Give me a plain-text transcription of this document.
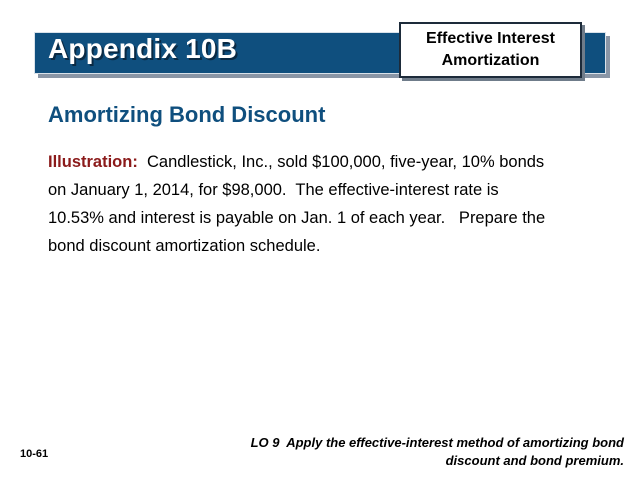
Appendix 10B	Effective Interest
Amortization
Amortizing Bond Discount
Illustration: Candlestick, Inc., sold $100,000, five-year, 10% bonds
on January 1, 2014, for $98,000.  The effective-interest rate is
10.53% and interest is payable on Jan. 1 of each year.   Prepare the
bond discount amortization schedule.
LO 9  Apply the effective-interest method of amortizing bond
discount and bond premium.
10-61
